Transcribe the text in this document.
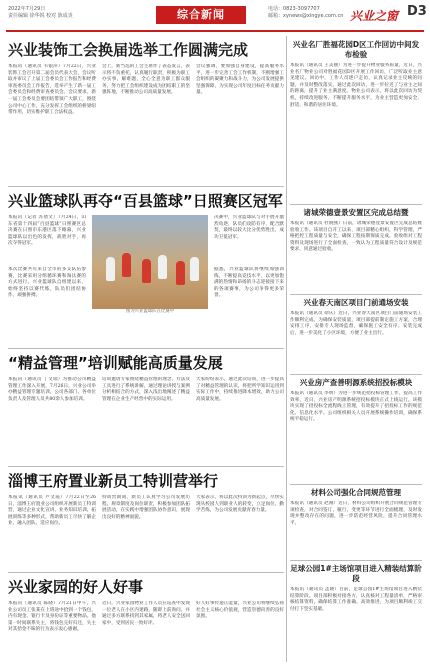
2022年7月29日
责任编辑 徐华锐 校对 陈成炎	综合新闻	电话：0823-3097707
邮箱：xynews@xingye.com.cn 兴业之窗 D3
兴业装饰工会换届选举工作圆满完成
本报讯（通讯员 韦银萍）7月22日，兴业装饰工会召开第二届会员代表大会，会议听取并审议了上届工会委员会工作报告和经费审查委员会工作报告，选举产生了新一届工会委员会和经费审查委员会。会议要求，新一届工会委员会要团结带领广大职工，围绕公司中心工作，充分发挥工会组织的桥梁纽带作用，切实维护职工合法权益。
会上，新当选的工会主席作了表态发言，表示将不负重托，认真履行职责，积极为职工办实事、解难题，全心全意为职工群众服务，努力把工会组织建设成为团结职工的坚强阵地，不断推动公司高质量发展。
会议强调，要加强自身建设，提高服务水平，进一步完善工会工作机制，不断增强工会组织的凝聚力和战斗力，为公司发展提供坚强保障，为实现公司年度目标任务贡献力量。
兴业篮球队再夺“百县篮球”日照赛区冠军
本报讯（记者 苏倩文）7月24日，山东省第十四届“百县篮球”日照赛区总决赛在日照市东港区落下帷幕，兴业篮球队以出色的发挥，战胜对手，再次夺得冠军。
本次比赛共有来自全市的多支队伍参赛，比赛采用分组循环赛和淘汰赛的方式进行。兴业篮球队自组建以来，始终坚持以赛代练，队员们团结协作、顽强拼搏。
图为兴业篮球队在比赛中
决赛中，兴业篮球队与对手展开激烈角逐，队员们攻防有序，配合默契，最终以较大比分优势胜出，成功卫冕冠军。
据悉，兴业篮球队将继续加强训练，不断提高竞技水平，以更加饱满的热情和昂扬的斗志迎接接下来的各项赛事，为公司争得更多荣誉。
“精益管理”培训赋能高质量发展
本报讯（通讯员 丁文瑞）为推动公司精益管理工作深入开展，7月26日，兴业公司举办精益管理专题培训，公司各部门、各单位负责人及管理人员共80余人参加培训。
培训邀请专家围绕精益管理的理念、方法及工具进行了系统讲解，通过理论讲授与案例分析相结合的方式，深入浅出地阐述了精益管理在企业生产经营中的实际运用。
大家纷纷表示，通过此次培训，进一步提高了对精益管理的认识，将把所学知识运用到实际工作中，持续推进降本增效，助力公司高质量发展。
淄博王府置业新员工特训营举行
本报讯（通讯员 卢文霞）7月22日至26日，淄博王府置业公司组织开展新员工特训营，通过企业文化宣讲、业务知识培训、拓展训练等多种形式，帮助新员工尽快了解企业、融入团队、适应岗位。
特训营期间，新员工认真学习公司发展历程、规章制度及岗位职责，积极参加团队拓展活动，在实践中增强团队协作意识，展现出良好的精神面貌。
大家表示，将以此次特训为新起点，尽快实现从校园人到职业人的转变，立足岗位、勤学苦练，为公司发展贡献青春力量。
兴业家园的好人好事
本报讯（通讯员 陈晓）7月21日中午，兴业公司员工张某在上班途中拾到一个钱包，内有现金、银行卡及身份证等重要物品。他第一时间联系失主，将钱包完好归还，失主对其拾金不昧的行为表示衷心感谢。
近日，兴业家园物业工作人员在巡查中发现一位老人在小区内迷路，随即上前询问，并通过多方联系找到其家属，将老人安全送回家中，受到居民一致好评。
好人好事传递正能量，兴业公司将继续弘扬社会主义核心价值观，营造崇德向善的良好氛围。
兴业名厂胜福花园D区工作回访中间发布检验
本报讯（通讯员 王美丽）为进一步提升物业服务质量，近日，兴业名厂物业公司对胜福花园D区开展工作回访，广泛听取业主意见建议。回访中，工作人员逐户走访，认真记录业主反映的问题，并及时整改落实。通过此次回访，进一步拉近了与业主之间的距离，提升了业主满意度。物业公司表示，将以此次回访为契机，持续改进服务，不断提升服务水平，为业主营造更加安全、舒适、和谐的居住环境。
诸城荣德壹景安置区完成总结暨
本报讯（通讯员 杜晓燕）日前，诸城荣德壹景安置区完成总结暨验收工作。该项目自开工以来，项目部精心组织，科学管理，严格把控工程质量与安全，确保工程按期保质完成。验收组对工程资料及现场进行了全面检查，一致认为工程质量符合设计及规范要求，同意通过验收。
兴业春天南区项目门前通场安装
本报讯（通讯员 徐庆）近日，兴业春天南区项目门前通场安装工作顺利完成。为确保安装质量，项目部提前制定施工方案，合理安排工序，安排专人现场监督，确保施工安全有序。安装完成后，进一步美化了小区环境，方便了业主出行。
兴业房产查善明源系统招投标模块
本报讯（通讯员 李明）为进一步规范招投标管理工作，提高工作效率，近日，兴业房产明源系统招投标模块正式上线运行。该模块实现了招投标全流程线上管理，有效提升了招投标工作的规范化、信息化水平。公司组织相关人员开展系统操作培训，确保系统平稳运行。
材料公司强化合同规范管理
本报讯（通讯员 赵刚）近日，材料公司组织开展合同规范管理专项检查，对合同签订、履行、变更等环节进行全面梳理，及时发现并整改存在的问题，进一步防范经营风险，提升合同管理水平。
足球公园1#主场馆项目进入精装结算阶段
本报讯（通讯员 孟晓）目前，足球公园1#主场馆项目进入精装结算阶段。项目部积极对接各方，认真核对工程量清单，严格审核结算资料，确保结算工作准确、高效推进，为项目顺利竣工交付打下坚实基础。
